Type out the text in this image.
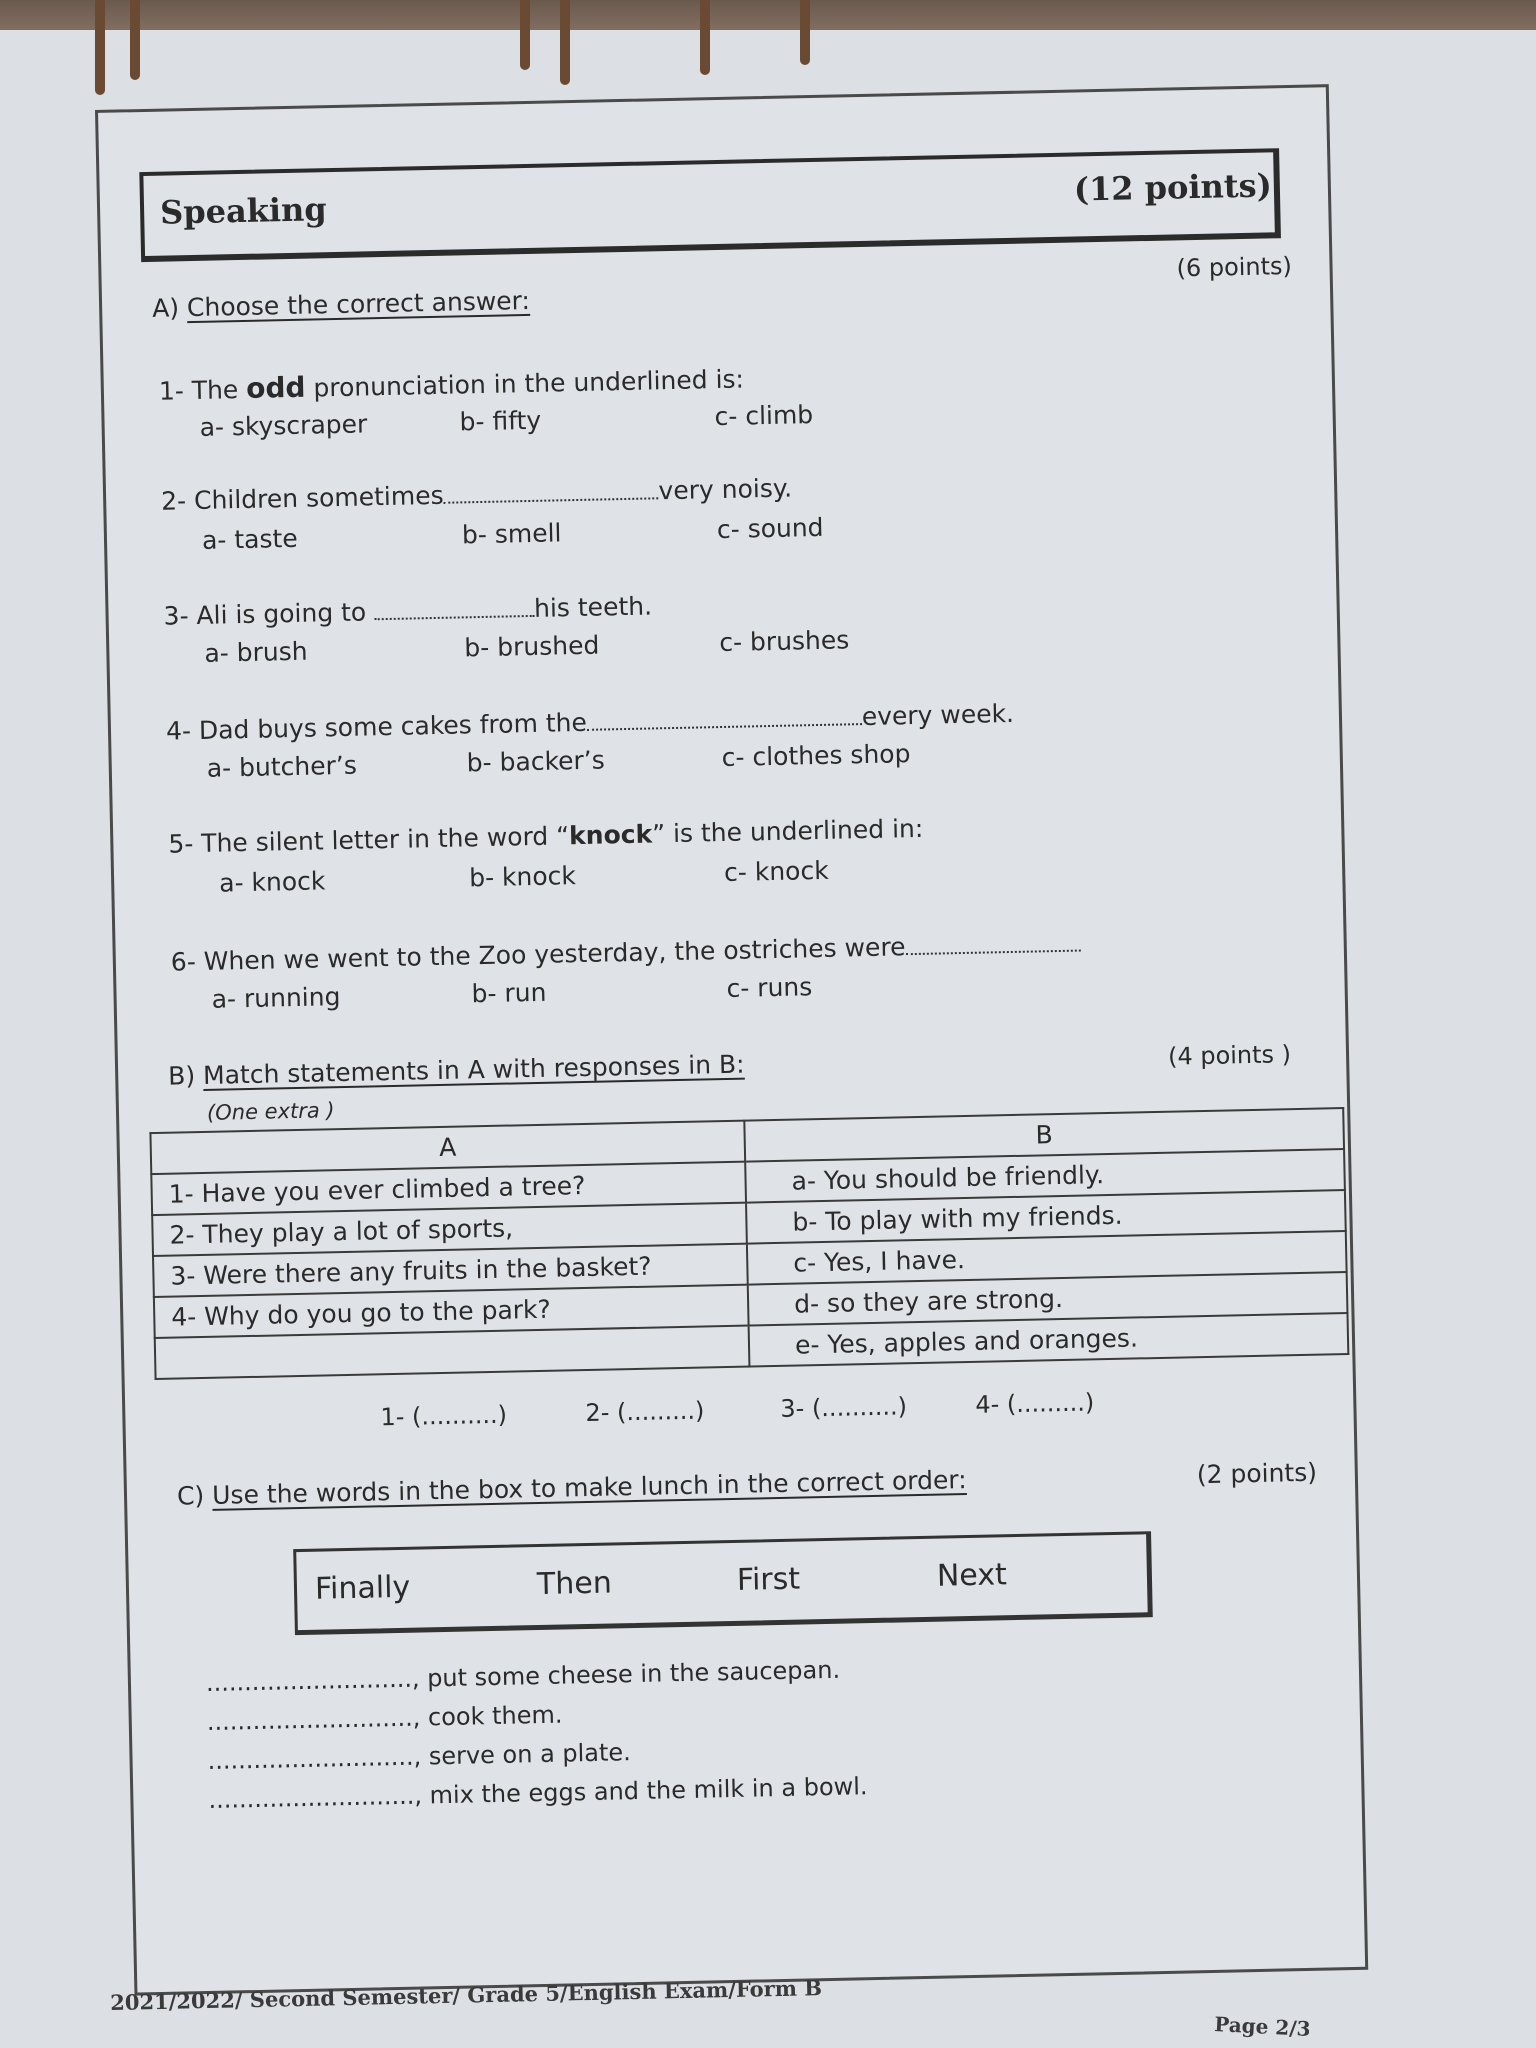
Speaking
(12 points)
A) Choose the correct answer:
(6 points)
1- The odd pronunciation in the underlined is:
a- skyscraper	b- fifty	c- climb
2- Children sometimes	very noisy.
a- taste	b- smell	c- sound
3- Ali is going to	his teeth.
a- brush	b- brushed	c- brushes
4- Dad buys some cakes from the	every week.
a- butcher’s	b- backer’s	c- clothes shop
5- The silent letter in the word “knock” is the underlined in:
a- knock	b- knock	c- knock
6- When we went to the Zoo yesterday, the ostriches were
a- running	b- run	c- runs
B) Match statements in A with responses in B:	(4 points )
(One extra )
A	B
1- Have you ever climbed a tree?	a- You should be friendly.
2- They play a lot of sports,	b- To play with my friends.
3- Were there any fruits in the basket?	c- Yes, I have.
4- Why do you go to the park?	d- so they are strong.
	e- Yes, apples and oranges.
1- (..........)	2- (.........)	3- (..........)	4- (.........)
C) Use the words in the box to make lunch in the correct order:	(2 points)
Finally	Then	First	Next
..........................., put some cheese in the saucepan.
..........................., cook them.
..........................., serve on a plate.
..........................., mix the eggs and the milk in a bowl.
2021/2022/ Second Semester/ Grade 5/English Exam/Form B
Page 2/3
